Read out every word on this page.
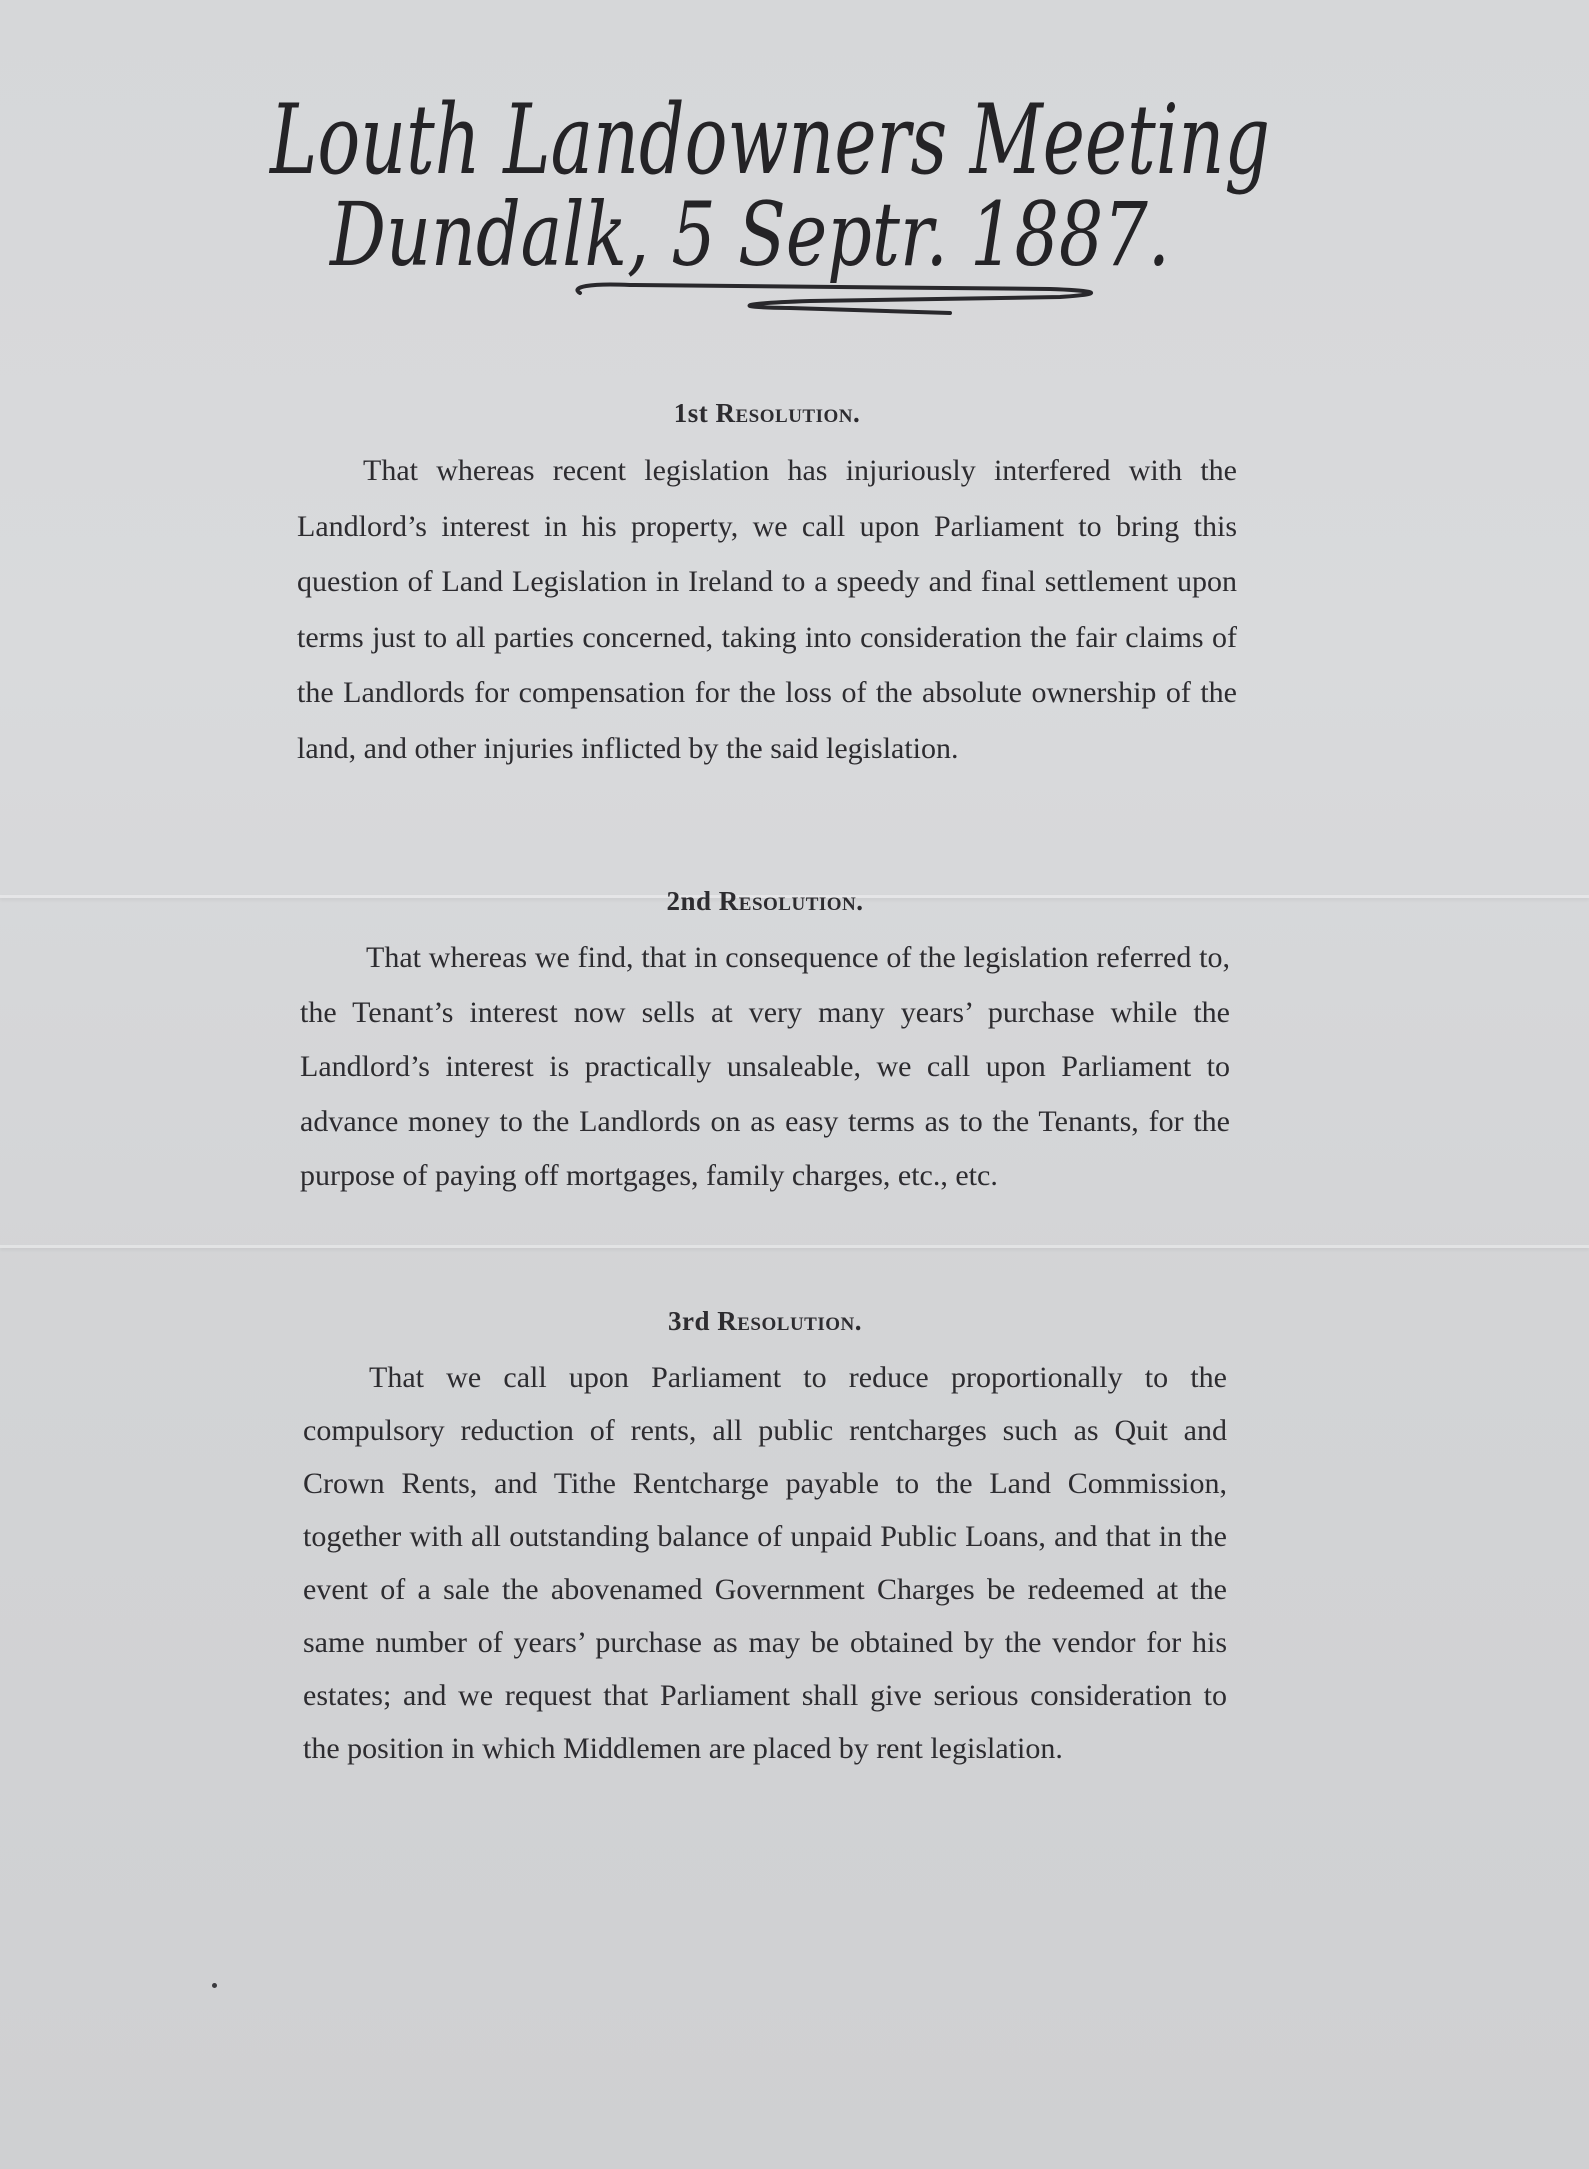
Louth Landowners Meeting
Dundalk, 5 Septr. 1887.
1st Resolution.

That whereas recent legislation has injuriously interfered with the Landlord’s interest in his property, we call upon Parliament to bring this question of Land Legislation in Ireland to a speedy and final settlement upon terms just to all parties concerned, taking into consideration the fair claims of the Landlords for compensation for the loss of the absolute ownership of the land, and other injuries inflicted by the said legislation.

2nd Resolution.

That whereas we find, that in consequence of the legislation referred to, the Tenant’s interest now sells at very many years’ purchase while the Landlord’s interest is practically unsaleable, we call upon Parliament to advance money to the Landlords on as easy terms as to the Tenants, for the purpose of paying off mortgages, family charges, etc., etc.

3rd Resolution.

That we call upon Parliament to reduce proportionally to the compulsory reduction of rents, all public rentcharges such as Quit and Crown Rents, and Tithe Rentcharge payable to the Land Commission, together with all outstanding balance of unpaid Public Loans, and that in the event of a sale the abovenamed Government Charges be redeemed at the same number of years’ purchase as may be obtained by the vendor for his estates; and we request that Parliament shall give serious consideration to the position in which Middlemen are placed by rent legislation.
